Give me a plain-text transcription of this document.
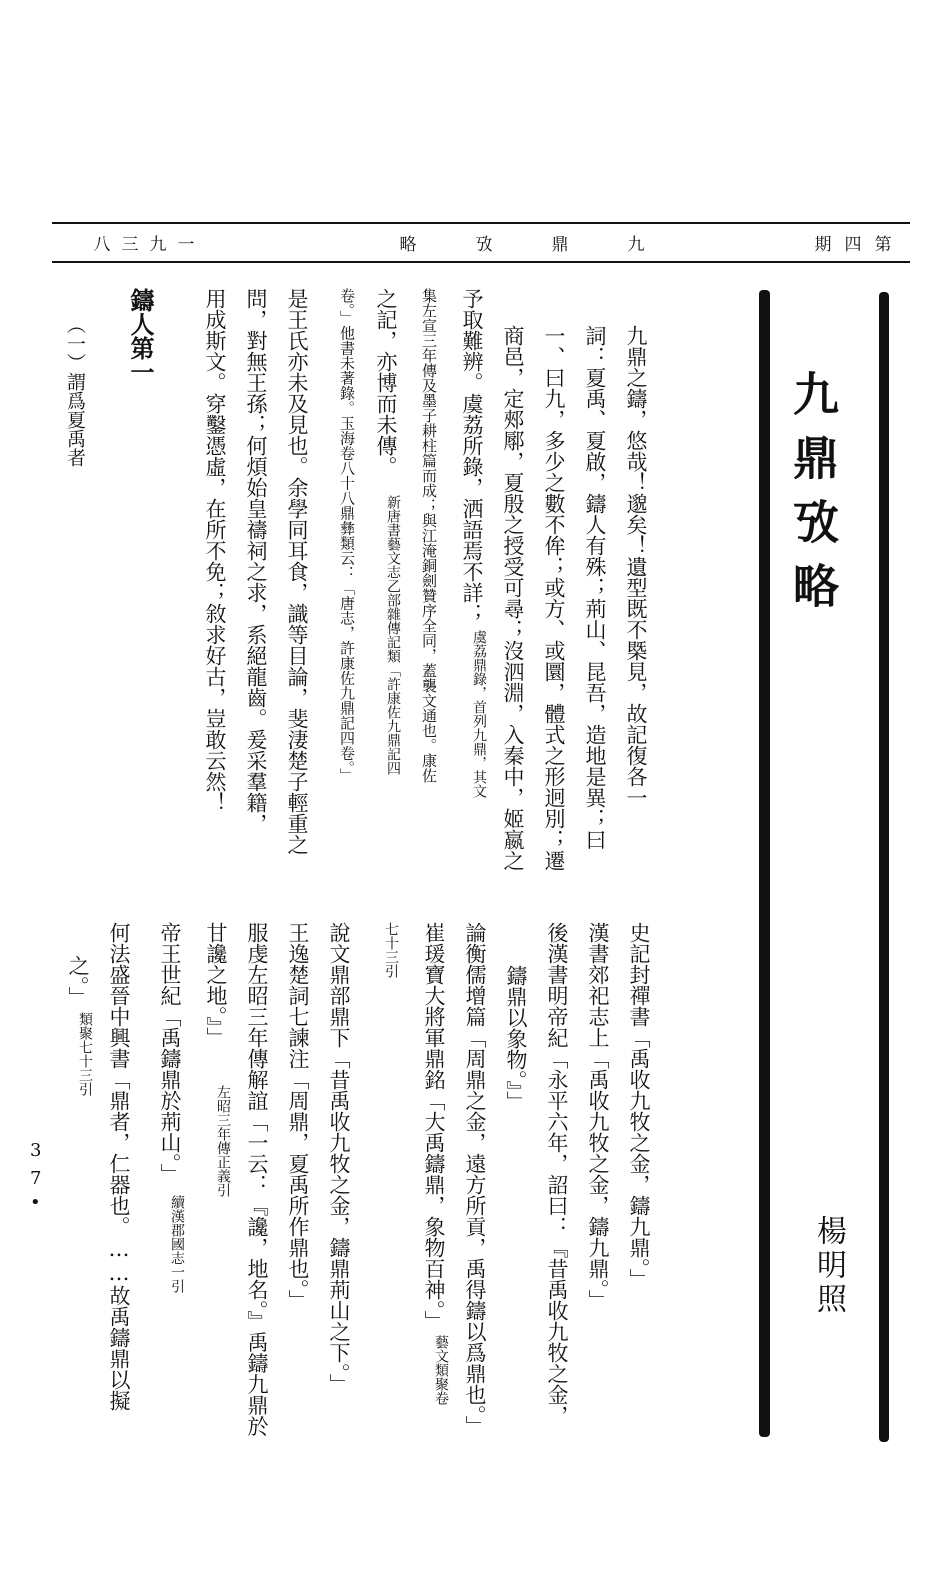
八 三 九 一	略	攷	鼎	九	期 四 第
九鼎攷略
楊明照
九鼎之鑄，悠哉！邈矣！遺型既不槩見，故記復各一
詞：夏禹、夏啟，鑄人有殊；荊山、昆吾，造地是異；曰
一、曰九，多少之數不侔；或方、或圜，體式之形迥別；遷
商邑，定郟鄏，夏殷之授受可尋；沒泗淵，入秦中，姬嬴之
予取難辨。虞荔所錄，洒語焉不詳；
虞荔鼎錄，首列九鼎，其文
集左宣三年傳及墨子耕柱篇而成；與江淹銅劍贊序全同，蓋襲文通也。康佐
之記，亦博而未傳。
新唐書藝文志乙部雜傳記類「許康佐九鼎記四
卷。」他書未著錄。玉海卷八十八鼎彝類云：「唐志，許康佐九鼎記四卷。」
是王氏亦未及見也。余學同耳食，識等目論，斐淒楚子輕重之
問，對無王孫；何煩始皇禱祠之求，系絕龍齒。爰采羣籍，
用成斯文。穿鑿憑虛，在所不免；敘求好古，豈敢云然！
鑄人第一
（一）謂爲夏禹者
史記封禪書「禹收九牧之金，鑄九鼎。」
漢書郊祀志上「禹收九牧之金，鑄九鼎。」
後漢書明帝紀「永平六年，詔曰：『昔禹收九牧之金，
鑄鼎以象物。』」
論衡儒增篇「周鼎之金，遠方所貢，禹得鑄以爲鼎也。」
崔瑗寶大將軍鼎銘「大禹鑄鼎，象物百神。」
藝文類聚卷
七十三引
說文鼎部鼎下「昔禹收九牧之金，鑄鼎荊山之下。」
王逸楚詞七諫注「周鼎，夏禹所作鼎也。」
服虔左昭三年傳解誼「一云：『讒，地名。』禹鑄九鼎於
甘讒之地。』」
左昭三年傳正義引
帝王世紀「禹鑄鼎於荊山。」
續漢郡國志一引
何法盛晉中興書「鼎者，仁器也。……故禹鑄鼎以擬
之。」
類聚七十三引
3
7
•
